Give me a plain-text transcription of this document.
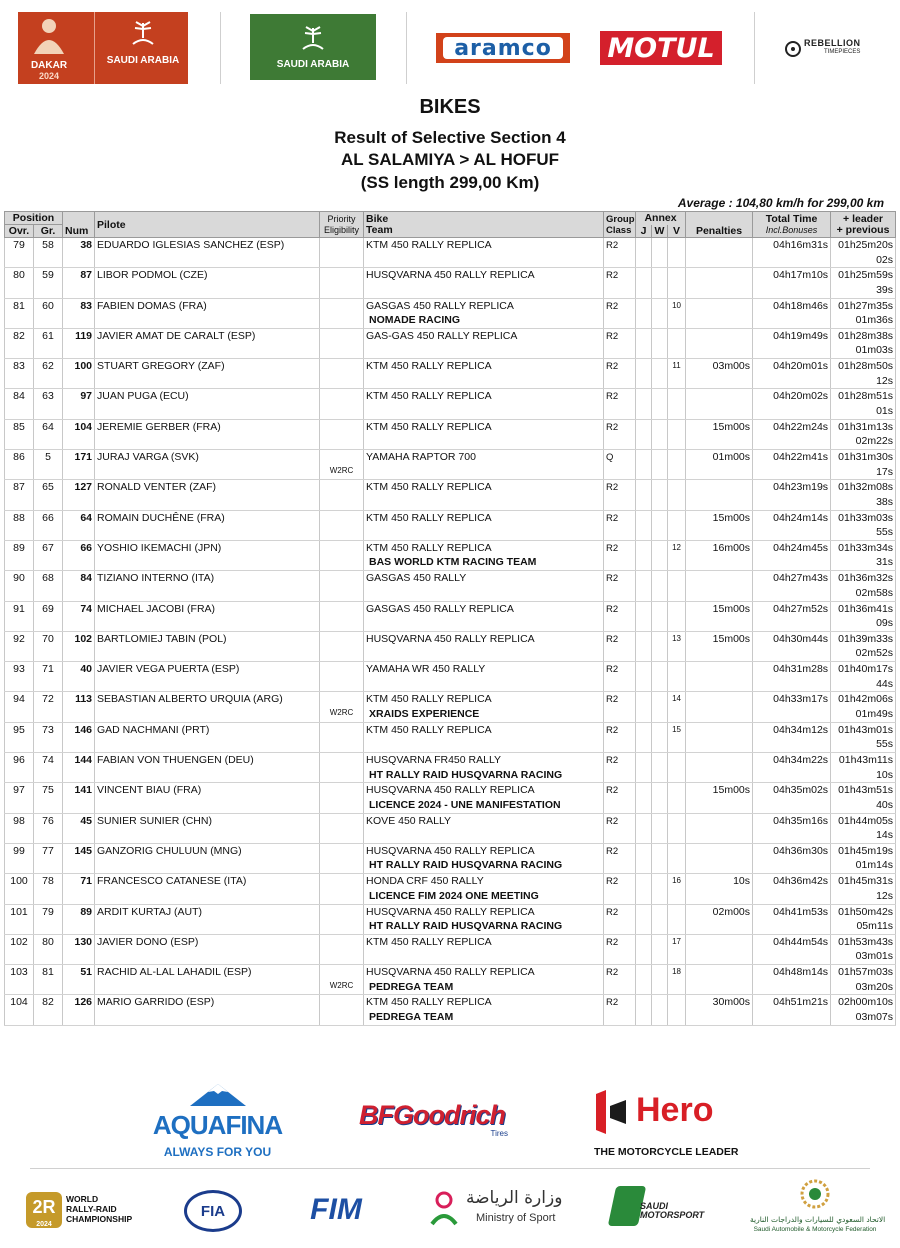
DAKAR
2024
SAUDI ARABIA	SAUDI ARABIA
aramco MOTUL	REBELLION
TIMEPIECES
BIKES
Result of Selective Section 4
AL SALAMIYA > AL HOFUF
(SS length 299,00 Km)
Average : 104,80 km/h for 299,00 km
Position		Num	Pilote	Priority
Eligibility	Bike
Team	Group
Class	Annex			Penalties	Total Time
Incl.Bonuses	+ leader
+ previous
Ovr.	Gr.						J	W	V			
79	58	38	EDUARDO IGLESIAS SANCHEZ (ESP)		KTM 450 RALLY REPLICA	R2					04h16m31s	01h25m20s
02s

80	59	87	LIBOR PODMOL (CZE)		HUSQVARNA 450 RALLY REPLICA	R2					04h17m10s	01h25m59s
39s

81	60	83	FABIEN DOMAS (FRA)		GASGAS 450 RALLY REPLICA
NOMADE RACING	R2			10		04h18m46s	01h27m35s
01m36s

82	61	119	JAVIER AMAT DE CARALT (ESP)		GAS-GAS 450 RALLY REPLICA	R2					04h19m49s	01h28m38s
01m03s

83	62	100	STUART GREGORY (ZAF)		KTM 450 RALLY REPLICA	R2			11	03m00s	04h20m01s	01h28m50s
12s

84	63	97	JUAN PUGA (ECU)		KTM 450 RALLY REPLICA	R2					04h20m02s	01h28m51s
01s

85	64	104	JEREMIE GERBER (FRA)		KTM 450 RALLY REPLICA	R2				15m00s	04h22m24s	01h31m13s
02m22s

86	5	171	JURAJ VARGA (SVK)	W2RC	YAMAHA RAPTOR 700	Q				01m00s	04h22m41s	01h31m30s
17s

87	65	127	RONALD VENTER (ZAF)		KTM 450 RALLY REPLICA	R2					04h23m19s	01h32m08s
38s

88	66	64	ROMAIN DUCHÊNE (FRA)		KTM 450 RALLY REPLICA	R2				15m00s	04h24m14s	01h33m03s
55s

89	67	66	YOSHIO IKEMACHI (JPN)		KTM 450 RALLY REPLICA
BAS WORLD KTM RACING TEAM	R2			12	16m00s	04h24m45s	01h33m34s
31s

90	68	84	TIZIANO INTERNO (ITA)		GASGAS 450 RALLY	R2					04h27m43s	01h36m32s
02m58s

91	69	74	MICHAEL JACOBI (FRA)		GASGAS 450 RALLY REPLICA	R2				15m00s	04h27m52s	01h36m41s
09s

92	70	102	BARTLOMIEJ TABIN (POL)		HUSQVARNA 450 RALLY REPLICA	R2			13	15m00s	04h30m44s	01h39m33s
02m52s

93	71	40	JAVIER VEGA PUERTA (ESP)		YAMAHA WR 450 RALLY	R2					04h31m28s	01h40m17s
44s

94	72	113	SEBASTIAN ALBERTO URQUIA (ARG)	W2RC	KTM 450 RALLY REPLICA
XRAIDS EXPERIENCE	R2			14		04h33m17s	01h42m06s
01m49s

95	73	146	GAD NACHMANI (PRT)		KTM 450 RALLY REPLICA	R2			15		04h34m12s	01h43m01s
55s

96	74	144	FABIAN VON THUENGEN (DEU)		HUSQVARNA FR450 RALLY
HT RALLY RAID HUSQVARNA RACING	R2					04h34m22s	01h43m11s
10s

97	75	141	VINCENT BIAU (FRA)		HUSQVARNA 450 RALLY REPLICA
LICENCE 2024 - UNE MANIFESTATION	R2				15m00s	04h35m02s	01h43m51s
40s

98	76	45	SUNIER SUNIER (CHN)		KOVE 450 RALLY	R2					04h35m16s	01h44m05s
14s

99	77	145	GANZORIG CHULUUN (MNG)		HUSQVARNA 450 RALLY REPLICA
HT RALLY RAID HUSQVARNA RACING	R2					04h36m30s	01h45m19s
01m14s

100	78	71	FRANCESCO CATANESE (ITA)		HONDA CRF 450 RALLY
LICENCE FIM 2024 ONE MEETING	R2			16	10s	04h36m42s	01h45m31s
12s

101	79	89	ARDIT KURTAJ (AUT)		HUSQVARNA 450 RALLY REPLICA
HT RALLY RAID HUSQVARNA RACING	R2				02m00s	04h41m53s	01h50m42s
05m11s

102	80	130	JAVIER DONO (ESP)		KTM 450 RALLY REPLICA	R2			17		04h44m54s	01h53m43s
03m01s

103	81	51	RACHID AL-LAL LAHADIL (ESP)	W2RC	HUSQVARNA 450 RALLY REPLICA
PEDREGA TEAM	R2			18		04h48m14s	01h57m03s
03m20s

104	82	126	MARIO GARRIDO (ESP)		KTM 450 RALLY REPLICA
PEDREGA TEAM	R2				30m00s	04h51m21s	02h00m10s
03m07s
AQUAFINA
ALWAYS FOR YOU
BFGoodrich
Tires
Hero
THE MOTORCYCLE LEADER
2R
2024
WORLD
RALLY-RAID
CHAMPIONSHIP	FIA	FIM	وزارة الرياضة
Ministry of Sport
SAUDI
MOTORSPORT	الاتحاد السعودي للسيارات والدراجات النارية
Saudi Automobile & Motorcycle Federation
